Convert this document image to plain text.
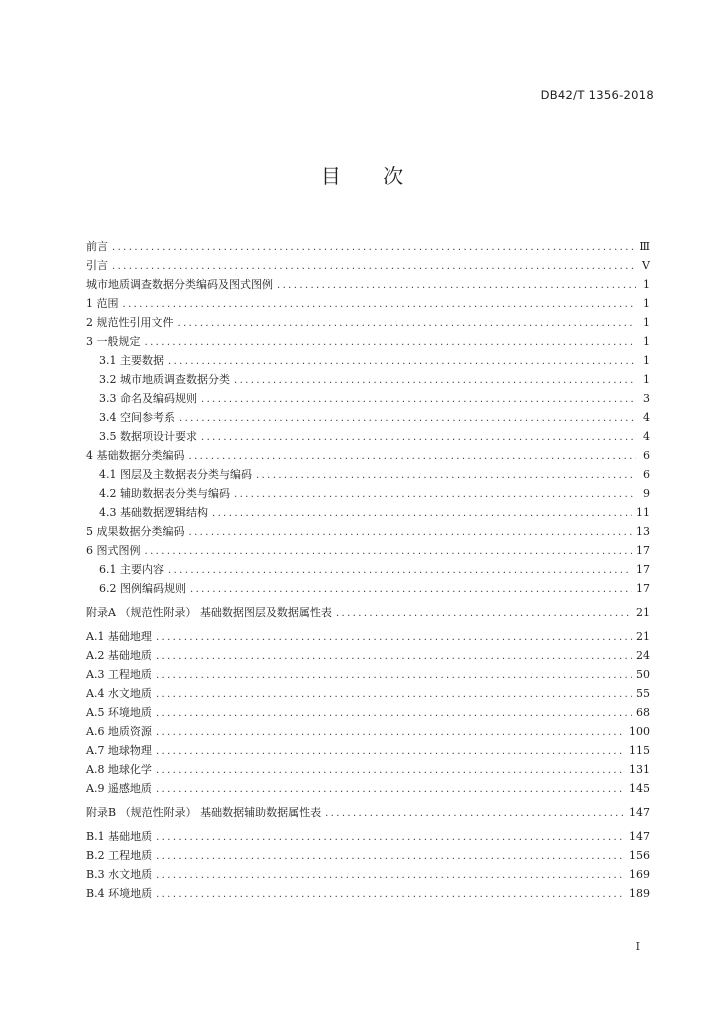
DB42/T 1356-2018
目 次
前言 .....	Ⅲ
引言 .....	Ⅴ
城市地质调查数据分类编码及图式图例 .....	1
1 范围 .....	1
2 规范性引用文件 .....	1
3 一般规定 .....	1
3.1 主要数据 .....	1
3.2 城市地质调查数据分类 .....	1
3.3 命名及编码规则 .....	3
3.4 空间参考系 .....	4
3.5 数据项设计要求 .....	4
4 基础数据分类编码 .....	6
4.1 图层及主数据表分类与编码 .....	6
4.2 辅助数据表分类与编码 .....	9
4.3 基础数据逻辑结构 .....	11
5 成果数据分类编码 .....	13
6 图式图例 .....	17
6.1 主要内容 .....	17
6.2 图例编码规则 .....	17
附录A （规范性附录） 基础数据图层及数据属性表 .....	21
A.1 基础地理 .....	21
A.2 基础地质 .....	24
A.3 工程地质 .....	50
A.4 水文地质 .....	55
A.5 环境地质 .....	68
A.6 地质资源 .....	100
A.7 地球物理 .....	115
A.8 地球化学 .....	131
A.9 遥感地质 .....	145
附录B （规范性附录） 基础数据辅助数据属性表 .....	147
B.1 基础地质 .....	147
B.2 工程地质 .....	156
B.3 水文地质 .....	169
B.4 环境地质 .....	189
I
